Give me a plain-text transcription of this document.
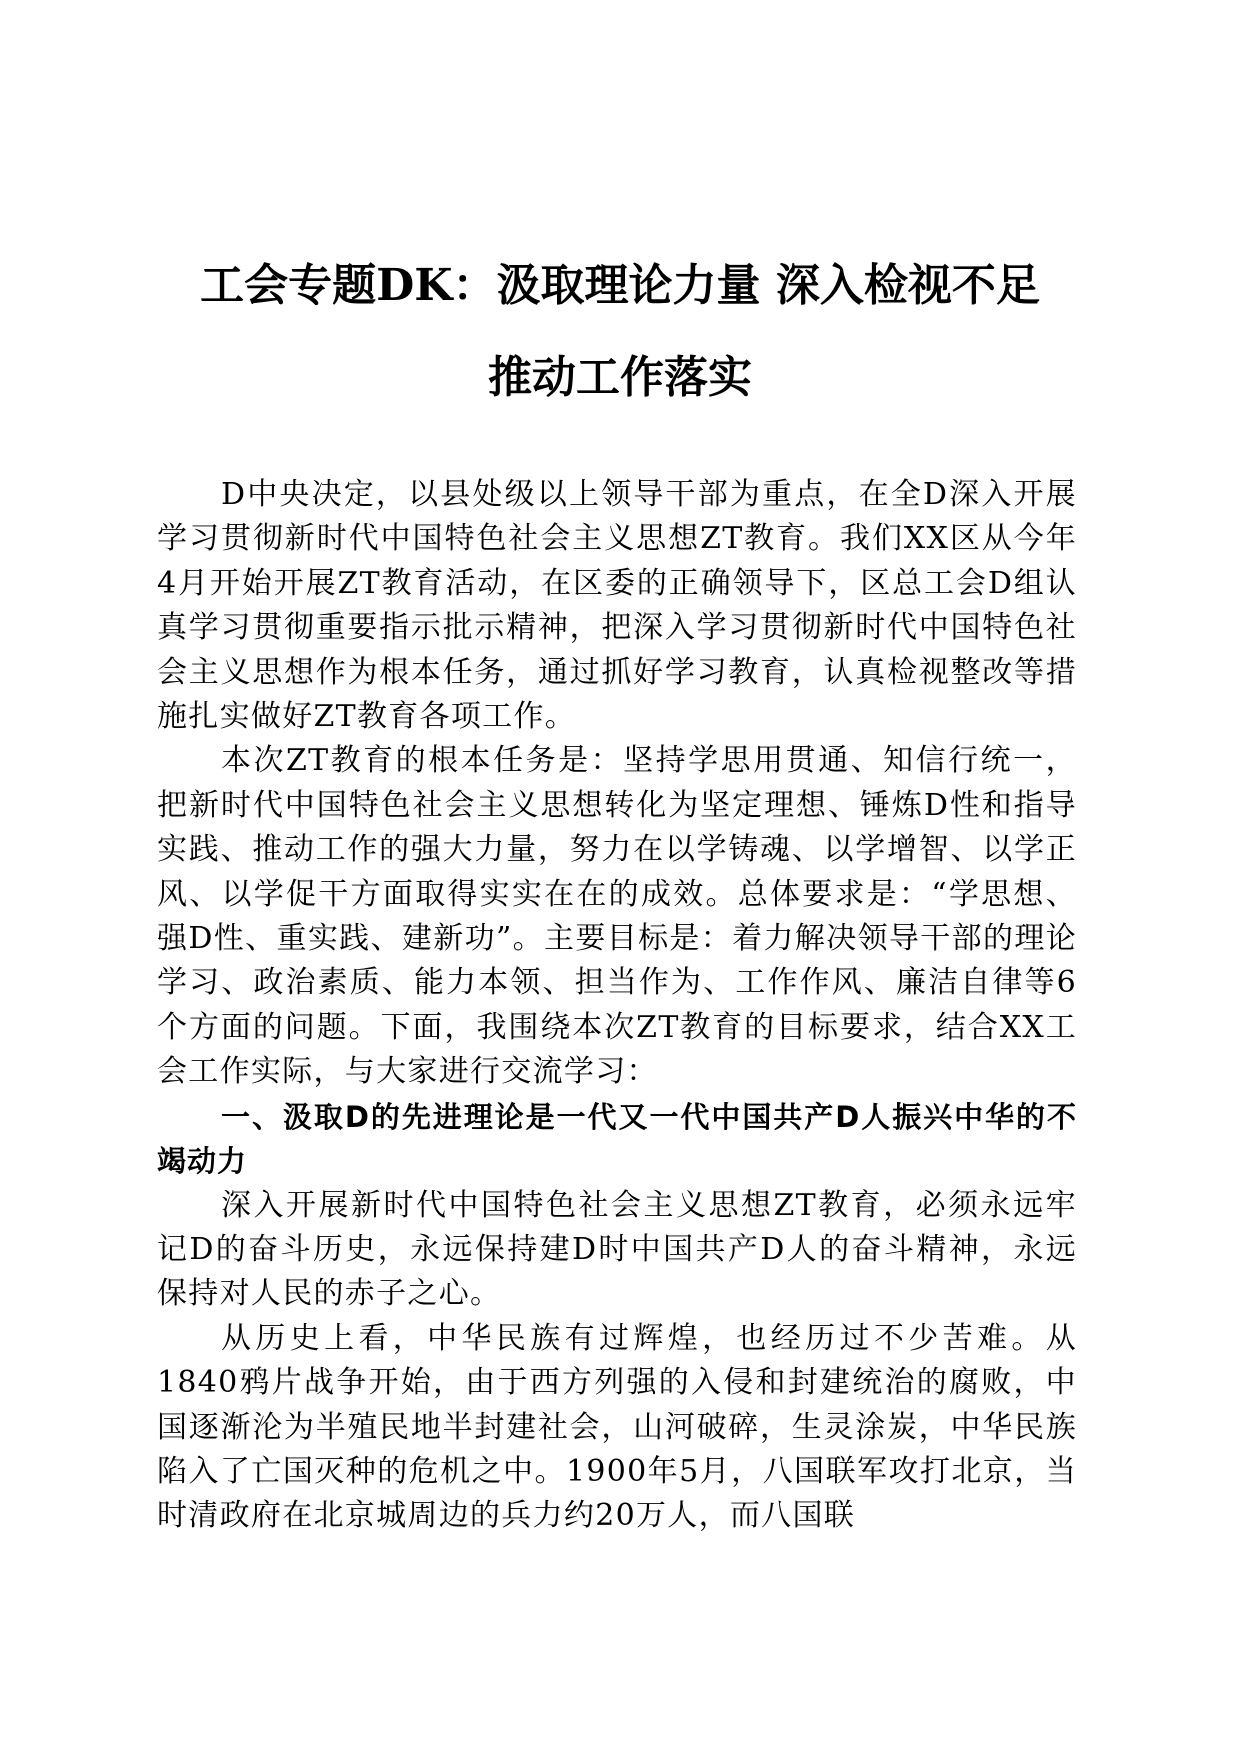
工会专题DK：汲取理论力量 深入检视不足
推动工作落实

D中央决定，以县处级以上领导干部为重点，在全D深入开展学习贯彻新时代中国特色社会主义思想ZT教育。我们XX区从今年4月开始开展ZT教育活动，在区委的正确领导下，区总工会D组认真学习贯彻重要指示批示精神，把深入学习贯彻新时代中国特色社会主义思想作为根本任务，通过抓好学习教育，认真检视整改等措施扎实做好ZT教育各项工作。

本次ZT教育的根本任务是：坚持学思用贯通、知信行统一，把新时代中国特色社会主义思想转化为坚定理想、锤炼D性和指导实践、推动工作的强大力量，努力在以学铸魂、以学增智、以学正风、以学促干方面取得实实在在的成效。总体要求是：“学思想、强D性、重实践、建新功”。主要目标是：着力解决领导干部的理论学习、政治素质、能力本领、担当作为、工作作风、廉洁自律等6个方面的问题。下面，我围绕本次ZT教育的目标要求，结合XX工会工作实际，与大家进行交流学习：

一、汲取D的先进理论是一代又一代中国共产D人振兴中华的不竭动力

深入开展新时代中国特色社会主义思想ZT教育，必须永远牢记D的奋斗历史，永远保持建D时中国共产D人的奋斗精神，永远保持对人民的赤子之心。

从历史上看，中华民族有过辉煌，也经历过不少苦难。从1840鸦片战争开始，由于西方列强的入侵和封建统治的腐败，中国逐渐沦为半殖民地半封建社会，山河破碎，生灵涂炭，中华民族陷入了亡国灭种的危机之中。1900年5月，八国联军攻打北京，当时清政府在北京城周边的兵力约20万人，而八国联
